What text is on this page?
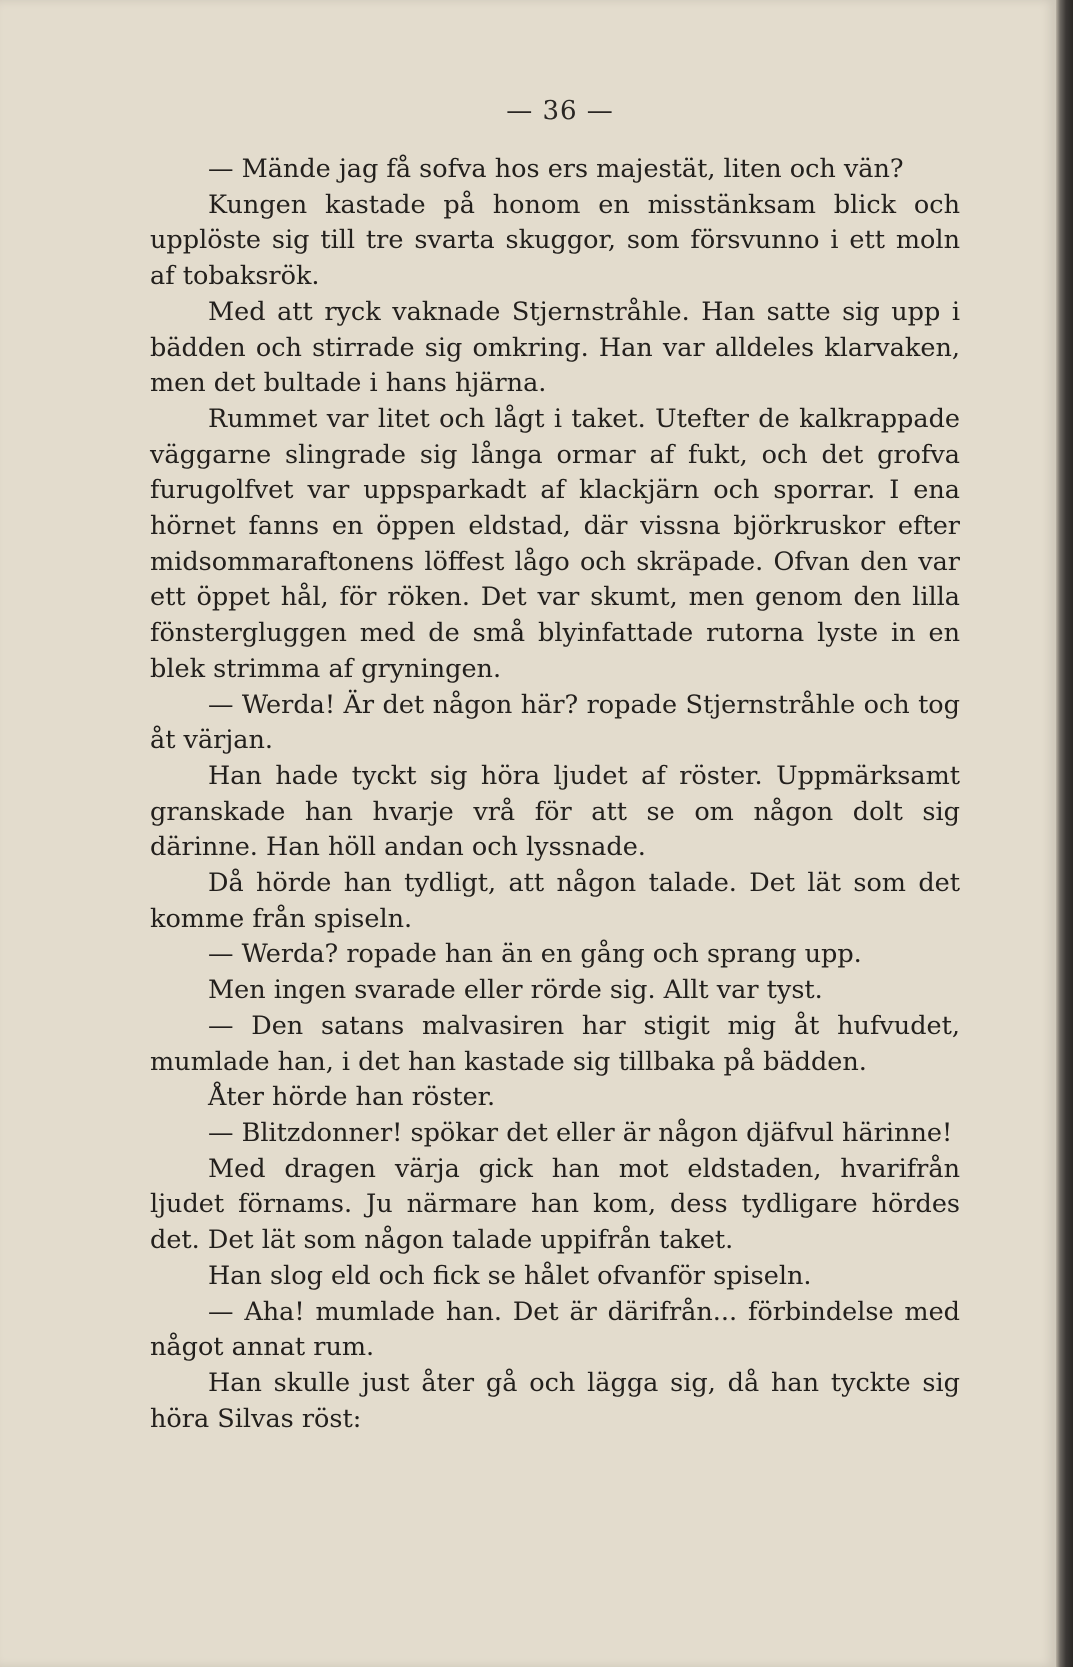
— 36 —

— Mände jag få sofva hos ers majestät, liten och vän?

Kungen kastade på honom en misstänksam blick och upplöste sig till tre svarta skuggor, som försvunno i ett moln af tobaksrök.

Med att ryck vaknade Stjernstråhle. Han satte sig upp i bädden och stirrade sig omkring. Han var alldeles klarvaken, men det bultade i hans hjärna.

Rummet var litet och lågt i taket. Utefter de kalkrappade väggarne slingrade sig långa ormar af fukt, och det grofva furugolfvet var uppsparkadt af klackjärn och sporrar. I ena hörnet fanns en öppen eldstad, där vissna björkruskor efter midsommaraftonens löffest lågo och skräpade. Ofvan den var ett öppet hål, för röken. Det var skumt, men genom den lilla fönstergluggen med de små blyinfattade rutorna lyste in en blek strimma af gryningen.

— Werda! Är det någon här? ropade Stjernstråhle och tog åt värjan.

Han hade tyckt sig höra ljudet af röster. Uppmärksamt granskade han hvarje vrå för att se om någon dolt sig därinne. Han höll andan och lyssnade.

Då hörde han tydligt, att någon talade. Det lät som det komme från spiseln.

— Werda? ropade han än en gång och sprang upp.

Men ingen svarade eller rörde sig. Allt var tyst.

— Den satans malvasiren har stigit mig åt hufvudet, mumlade han, i det han kastade sig tillbaka på bädden.

Åter hörde han röster.

— Blitzdonner! spökar det eller är någon djäfvul härinne!

Med dragen värja gick han mot eldstaden, hvarifrån ljudet förnams. Ju närmare han kom, dess tydligare hördes det. Det lät som någon talade uppifrån taket.

Han slog eld och fick se hålet ofvanför spiseln.

— Aha! mumlade han. Det är därifrån... förbindelse med något annat rum.

Han skulle just åter gå och lägga sig, då han tyckte sig höra Silvas röst:
